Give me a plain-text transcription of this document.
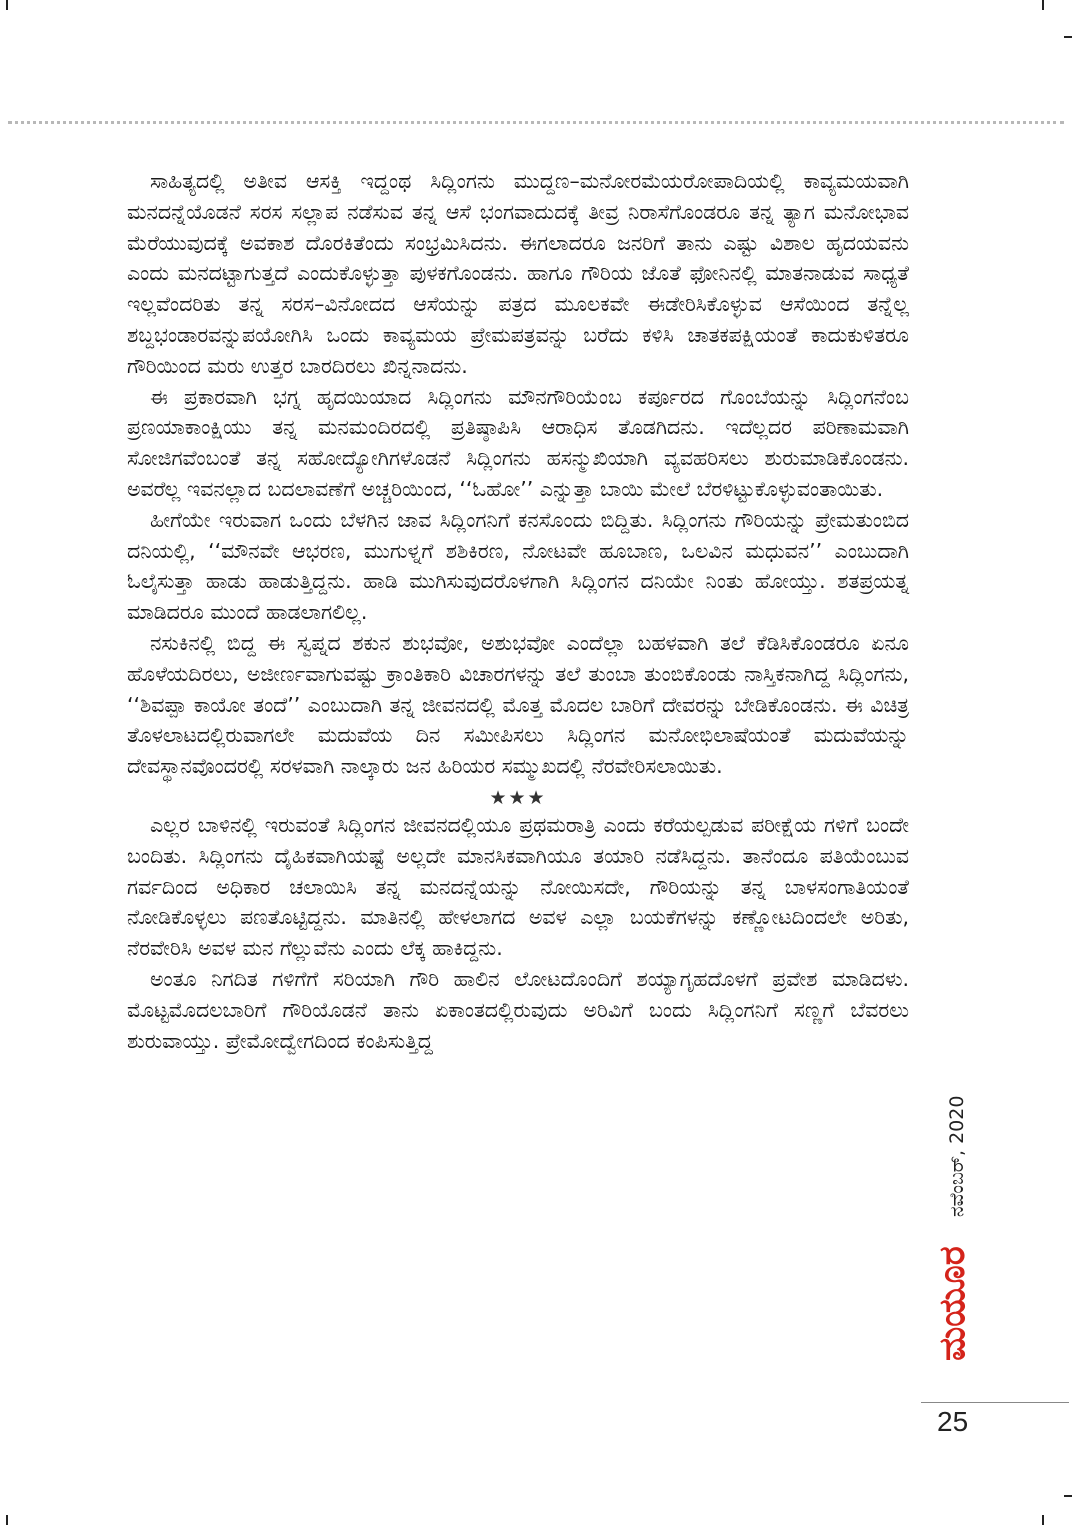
ಸಾಹಿತ್ಯದಲ್ಲಿ ಅತೀವ ಆಸಕ್ತಿ ಇದ್ದಂಥ ಸಿದ್ಲಿಂಗನು ಮುದ್ದಣ–ಮನೋರಮೆಯರೋಪಾದಿಯಲ್ಲಿ ಕಾವ್ಯಮಯವಾಗಿ ಮನದನ್ನೆಯೊಡನೆ ಸರಸ ಸಲ್ಲಾಪ ನಡೆಸುವ ತನ್ನ ಆಸೆ ಭಂಗವಾದುದಕ್ಕೆ ತೀವ್ರ ನಿರಾಸೆಗೊಂಡರೂ ತನ್ನ ತ್ಯಾಗ ಮನೋಭಾವ ಮೆರೆಯುವುದಕ್ಕೆ ಅವಕಾಶ ದೊರಕಿತೆಂದು ಸಂಭ್ರಮಿಸಿದನು. ಈಗಲಾದರೂ ಜನರಿಗೆ ತಾನು ಎಷ್ಟು ವಿಶಾಲ ಹೃದಯವನು ಎಂದು ಮನದಟ್ಟಾಗುತ್ತದೆ ಎಂದುಕೊಳ್ಳುತ್ತಾ ಪುಳಕಗೊಂಡನು. ಹಾಗೂ ಗೌರಿಯ ಜೊತೆ ಫೋನಿನಲ್ಲಿ ಮಾತನಾಡುವ ಸಾಧ್ಯತೆ ಇಲ್ಲವೆಂದರಿತು ತನ್ನ ಸರಸ–ವಿನೋದದ ಆಸೆಯನ್ನು ಪತ್ರದ ಮೂಲಕವೇ ಈಡೇರಿಸಿಕೊಳ್ಳುವ ಆಸೆಯಿಂದ ತನ್ನೆಲ್ಲ ಶಬ್ದಭಂಡಾರವನ್ನುಪಯೋಗಿಸಿ ಒಂದು ಕಾವ್ಯಮಯ ಪ್ರೇಮಪತ್ರವನ್ನು ಬರೆದು ಕಳಿಸಿ ಚಾತಕಪಕ್ಷಿಯಂತೆ ಕಾದುಕುಳಿತರೂ ಗೌರಿಯಿಂದ ಮರು ಉತ್ತರ ಬಾರದಿರಲು ಖಿನ್ನನಾದನು.

ಈ ಪ್ರಕಾರವಾಗಿ ಭಗ್ನ ಹೃದಯಿಯಾದ ಸಿದ್ಲಿಂಗನು ಮೌನಗೌರಿಯೆಂಬ ಕರ್ಪೂರದ ಗೊಂಬೆಯನ್ನು ಸಿದ್ಲಿಂಗನೆಂಬ ಪ್ರಣಯಾಕಾಂಕ್ಷಿಯು ತನ್ನ ಮನಮಂದಿರದಲ್ಲಿ ಪ್ರತಿಷ್ಠಾಪಿಸಿ ಆರಾಧಿಸ ತೊಡಗಿದನು. ಇದೆಲ್ಲದರ ಪರಿಣಾಮವಾಗಿ ಸೋಜಿಗವೆಂಬಂತೆ ತನ್ನ ಸಹೋದ್ಯೋಗಿಗಳೊಡನೆ ಸಿದ್ಲಿಂಗನು ಹಸನ್ಮುಖಿಯಾಗಿ ವ್ಯವಹರಿಸಲು ಶುರುಮಾಡಿಕೊಂಡನು. ಅವರೆಲ್ಲ ಇವನಲ್ಲಾದ ಬದಲಾವಣೆಗೆ ಅಚ್ಚರಿಯಿಂದ, ‘‘ಓಹೋ’’ ಎನ್ನುತ್ತಾ ಬಾಯಿ ಮೇಲೆ ಬೆರಳಿಟ್ಟುಕೊಳ್ಳುವಂತಾಯಿತು.

ಹೀಗೆಯೇ ಇರುವಾಗ ಒಂದು ಬೆಳಗಿನ ಜಾವ ಸಿದ್ಲಿಂಗನಿಗೆ ಕನಸೊಂದು ಬಿದ್ದಿತು. ಸಿದ್ಲಿಂಗನು ಗೌರಿಯನ್ನು ಪ್ರೇಮತುಂಬಿದ ದನಿಯಲ್ಲಿ, ‘‘ಮೌನವೇ ಆಭರಣ, ಮುಗುಳ್ನಗೆ ಶಶಿಕಿರಣ, ನೋಟವೇ ಹೂಬಾಣ, ಒಲವಿನ ಮಧುವನ’’ ಎಂಬುದಾಗಿ ಓಲೈಸುತ್ತಾ ಹಾಡು ಹಾಡುತ್ತಿದ್ದನು. ಹಾಡಿ ಮುಗಿಸುವುದರೊಳಗಾಗಿ ಸಿದ್ಲಿಂಗನ ದನಿಯೇ ನಿಂತು ಹೋಯ್ತು. ಶತಪ್ರಯತ್ನ ಮಾಡಿದರೂ ಮುಂದೆ ಹಾಡಲಾಗಲಿಲ್ಲ.

ನಸುಕಿನಲ್ಲಿ ಬಿದ್ದ ಈ ಸ್ವಪ್ನದ ಶಕುನ ಶುಭವೋ, ಅಶುಭವೋ ಎಂದೆಲ್ಲಾ ಬಹಳವಾಗಿ ತಲೆ ಕೆಡಿಸಿಕೊಂಡರೂ ಏನೂ ಹೊಳೆಯದಿರಲು, ಅಜೀರ್ಣವಾಗುವಷ್ಟು ಕ್ರಾಂತಿಕಾರಿ ವಿಚಾರಗಳನ್ನು ತಲೆ ತುಂಬಾ ತುಂಬಿಕೊಂಡು ನಾಸ್ತಿಕನಾಗಿದ್ದ ಸಿದ್ಲಿಂಗನು, ‘‘ಶಿವಪ್ಪಾ ಕಾಯೋ ತಂದೆ’’ ಎಂಬುದಾಗಿ ತನ್ನ ಜೀವನದಲ್ಲಿ ಮೊತ್ತ ಮೊದಲ ಬಾರಿಗೆ ದೇವರನ್ನು ಬೇಡಿಕೊಂಡನು. ಈ ವಿಚಿತ್ರ ತೊಳಲಾಟದಲ್ಲಿರುವಾಗಲೇ ಮದುವೆಯ ದಿನ ಸಮೀಪಿಸಲು ಸಿದ್ಲಿಂಗನ ಮನೋಭಿಲಾಷೆಯಂತೆ ಮದುವೆಯನ್ನು ದೇವಸ್ಥಾನವೊಂದರಲ್ಲಿ ಸರಳವಾಗಿ ನಾಲ್ಕಾರು ಜನ ಹಿರಿಯರ ಸಮ್ಮುಖದಲ್ಲಿ ನೆರವೇರಿಸಲಾಯಿತು.

★★★

ಎಲ್ಲರ ಬಾಳಿನಲ್ಲಿ ಇರುವಂತೆ ಸಿದ್ಲಿಂಗನ ಜೀವನದಲ್ಲಿಯೂ ಪ್ರಥಮರಾತ್ರಿ ಎಂದು ಕರೆಯಲ್ಪಡುವ ಪರೀಕ್ಷೆಯ ಗಳಿಗೆ ಬಂದೇ ಬಂದಿತು. ಸಿದ್ಲಿಂಗನು ದೈಹಿಕವಾಗಿಯಷ್ಟೆ ಅಲ್ಲದೇ ಮಾನಸಿಕವಾಗಿಯೂ ತಯಾರಿ ನಡೆಸಿದ್ದನು. ತಾನೆಂದೂ ಪತಿಯೆಂಬುವ ಗರ್ವದಿಂದ ಅಧಿಕಾರ ಚಲಾಯಿಸಿ ತನ್ನ ಮನದನ್ನೆಯನ್ನು ನೋಯಿಸದೇ, ಗೌರಿಯನ್ನು ತನ್ನ ಬಾಳಸಂಗಾತಿಯಂತೆ ನೋಡಿಕೊಳ್ಳಲು ಪಣತೊಟ್ಟಿದ್ದನು. ಮಾತಿನಲ್ಲಿ ಹೇಳಲಾಗದ ಅವಳ ಎಲ್ಲಾ ಬಯಕೆಗಳನ್ನು ಕಣ್ಣೋಟದಿಂದಲೇ ಅರಿತು, ನೆರವೇರಿಸಿ ಅವಳ ಮನ ಗೆಲ್ಲುವೆನು ಎಂದು ಲೆಕ್ಕ ಹಾಕಿದ್ದನು.

ಅಂತೂ ನಿಗದಿತ ಗಳಿಗೆಗೆ ಸರಿಯಾಗಿ ಗೌರಿ ಹಾಲಿನ ಲೋಟದೊಂದಿಗೆ ಶಯ್ಯಾಗೃಹದೊಳಗೆ ಪ್ರವೇಶ ಮಾಡಿದಳು. ಮೊಟ್ಟಮೊದಲಬಾರಿಗೆ ಗೌರಿಯೊಡನೆ ತಾನು ಏಕಾಂತದಲ್ಲಿರುವುದು ಅರಿವಿಗೆ ಬಂದು ಸಿದ್ಲಿಂಗನಿಗೆ ಸಣ್ಣಗೆ ಬೆವರಲು ಶುರುವಾಯ್ತು. ಪ್ರೇಮೋದ್ವೇಗದಿಂದ ಕಂಪಿಸುತ್ತಿದ್ದ

ನವೆಂಬರ್, 2020
ಮಯೂರ
25
